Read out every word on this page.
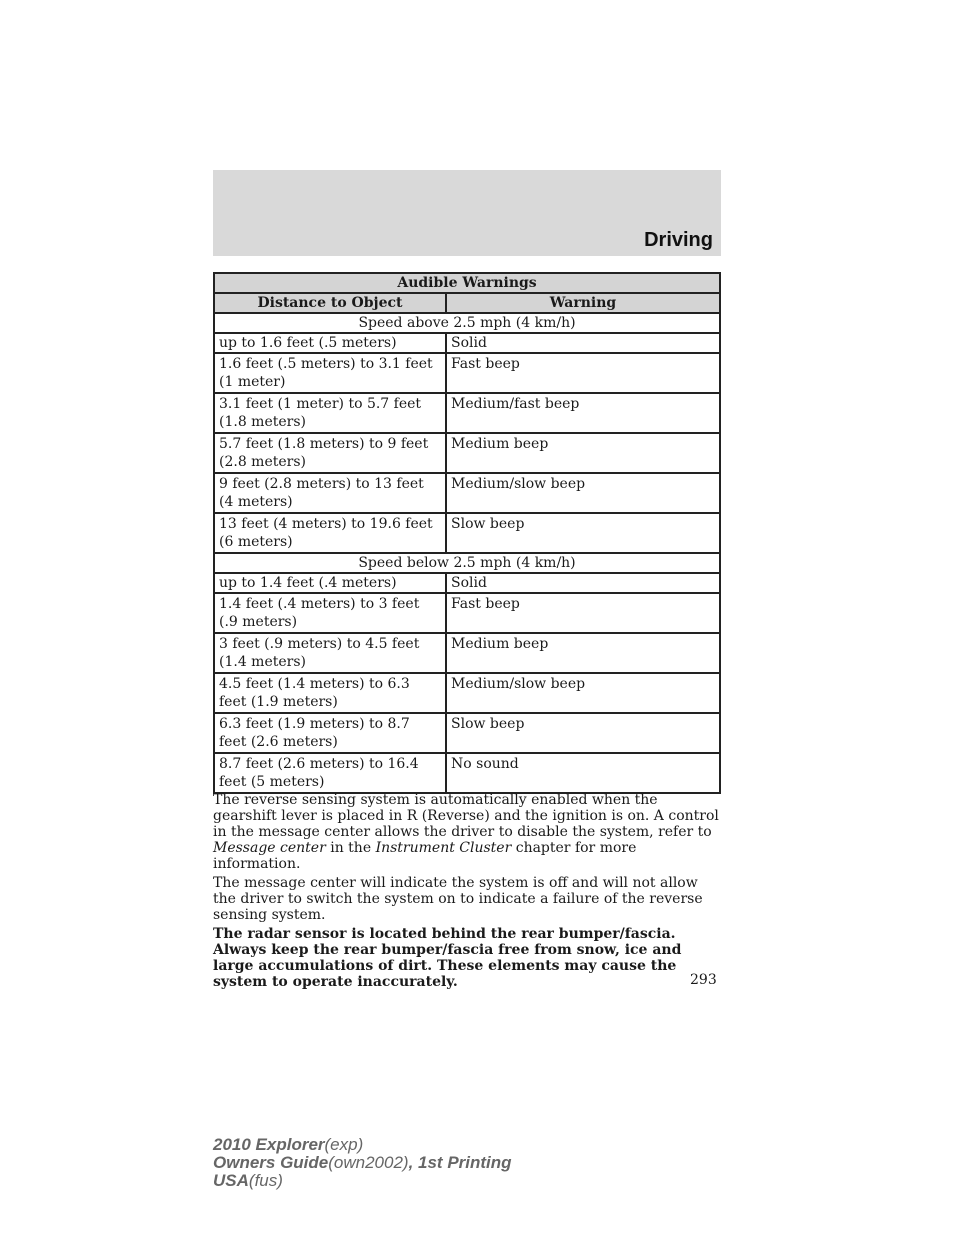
Driving
Audible Warnings	
Distance to Object	Warning
Speed above 2.5 mph (4 km/h)	
up to 1.6 feet (.5 meters)	Solid
1.6 feet (.5 meters) to 3.1 feet (1 meter)	Fast beep
3.1 feet (1 meter) to 5.7 feet (1.8 meters)	Medium/fast beep
5.7 feet (1.8 meters) to 9 feet (2.8 meters)	Medium beep
9 feet (2.8 meters) to 13 feet (4 meters)	Medium/slow beep
13 feet (4 meters) to 19.6 feet (6 meters)	Slow beep
Speed below 2.5 mph (4 km/h)	
up to 1.4 feet (.4 meters)	Solid
1.4 feet (.4 meters) to 3 feet (.9 meters)	Fast beep
3 feet (.9 meters) to 4.5 feet (1.4 meters)	Medium beep
4.5 feet (1.4 meters) to 6.3 feet (1.9 meters)	Medium/slow beep
6.3 feet (1.9 meters) to 8.7 feet (2.6 meters)	Slow beep
8.7 feet (2.6 meters) to 16.4 feet (5 meters)	No sound

The reverse sensing system is automatically enabled when the gearshift lever is placed in R (Reverse) and the ignition is on. A control in the message center allows the driver to disable the system, refer to Message center in the Instrument Cluster chapter for more information.

The message center will indicate the system is off and will not allow the driver to switch the system on to indicate a failure of the reverse sensing system.

The radar sensor is located behind the rear bumper/fascia. Always keep the rear bumper/fascia free from snow, ice and large accumulations of dirt. These elements may cause the system to operate inaccurately.	293
2010 Explorer(exp)
Owners Guide(own2002), 1st Printing
USA(fus)
